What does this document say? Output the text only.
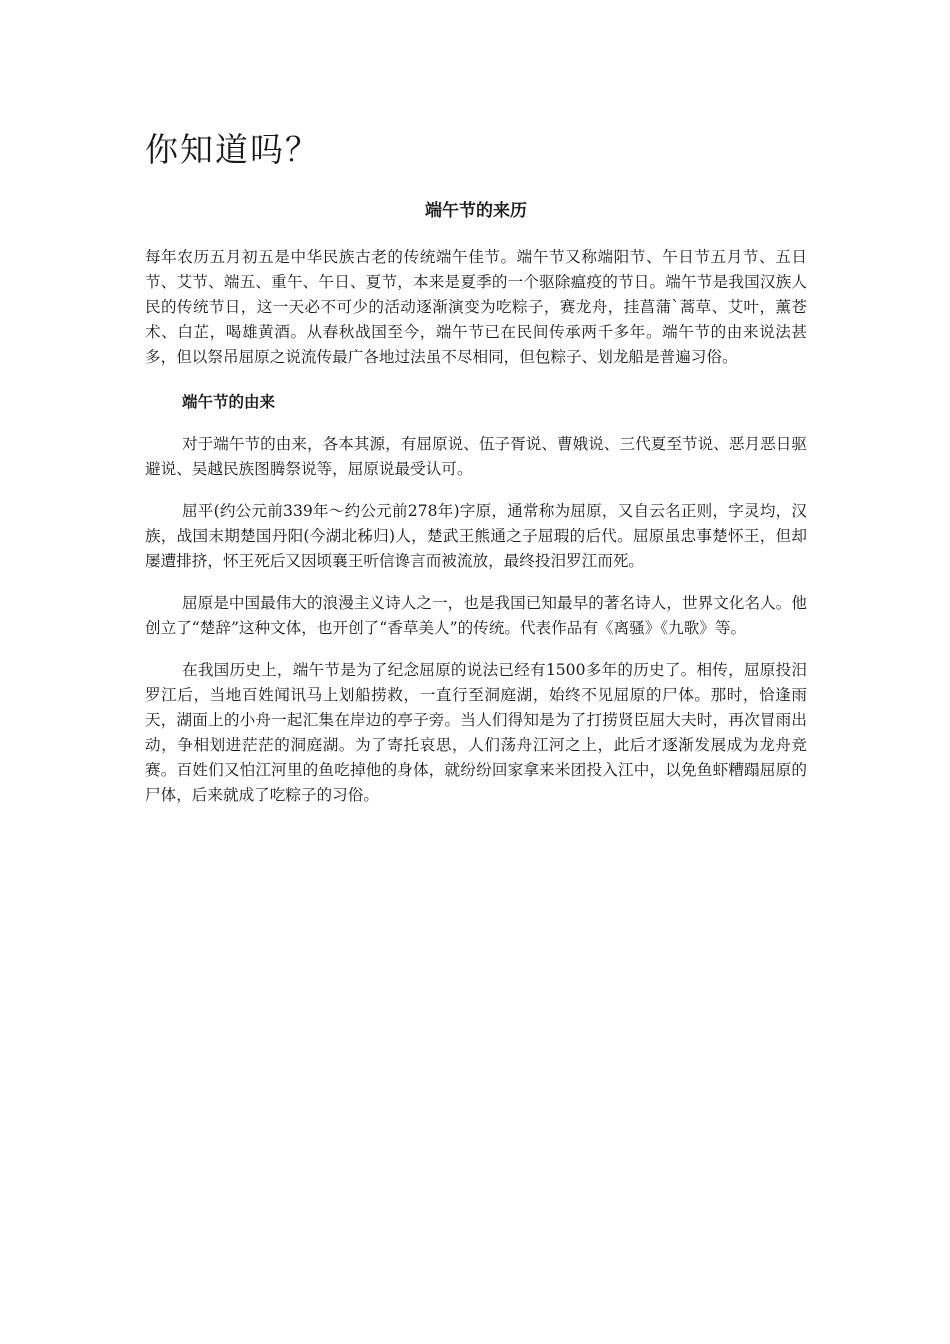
你知道吗？
端午节的来历

每年农历五月初五是中华民族古老的传统端午佳节。端午节又称端阳节、午日节五月节、五日节、艾节、端五、重午、午日、夏节，本来是夏季的一个驱除瘟疫的节日。端午节是我国汉族人民的传统节日，这一天必不可少的活动逐渐演变为吃粽子，赛龙舟，挂菖蒲`蒿草、艾叶，薰苍术、白芷，喝雄黄酒。从春秋战国至今，端午节已在民间传承两千多年。端午节的由来说法甚多，但以祭吊屈原之说流传最广各地过法虽不尽相同，但包粽子、划龙船是普遍习俗。

端午节的由来

对于端午节的由来，各本其源，有屈原说、伍子胥说、曹娥说、三代夏至节说、恶月恶日驱避说、吴越民族图腾祭说等，屈原说最受认可。

屈平(约公元前339年～约公元前278年)字原，通常称为屈原，又自云名正则，字灵均，汉族，战国末期楚国丹阳(今湖北秭归)人，楚武王熊通之子屈瑕的后代。屈原虽忠事楚怀王，但却屡遭排挤，怀王死后又因顷襄王听信谗言而被流放，最终投汨罗江而死。

屈原是中国最伟大的浪漫主义诗人之一，也是我国已知最早的著名诗人，世界文化名人。他创立了“楚辞”这种文体，也开创了“香草美人”的传统。代表作品有《离骚》《九歌》等。

在我国历史上，端午节是为了纪念屈原的说法已经有1500多年的历史了。相传，屈原投汨罗江后，当地百姓闻讯马上划船捞救，一直行至洞庭湖，始终不见屈原的尸体。那时，恰逢雨天，湖面上的小舟一起汇集在岸边的亭子旁。当人们得知是为了打捞贤臣屈大夫时，再次冒雨出动，争相划进茫茫的洞庭湖。为了寄托哀思，人们荡舟江河之上，此后才逐渐发展成为龙舟竞赛。百姓们又怕江河里的鱼吃掉他的身体，就纷纷回家拿来米团投入江中，以免鱼虾糟蹋屈原的尸体，后来就成了吃粽子的习俗。
